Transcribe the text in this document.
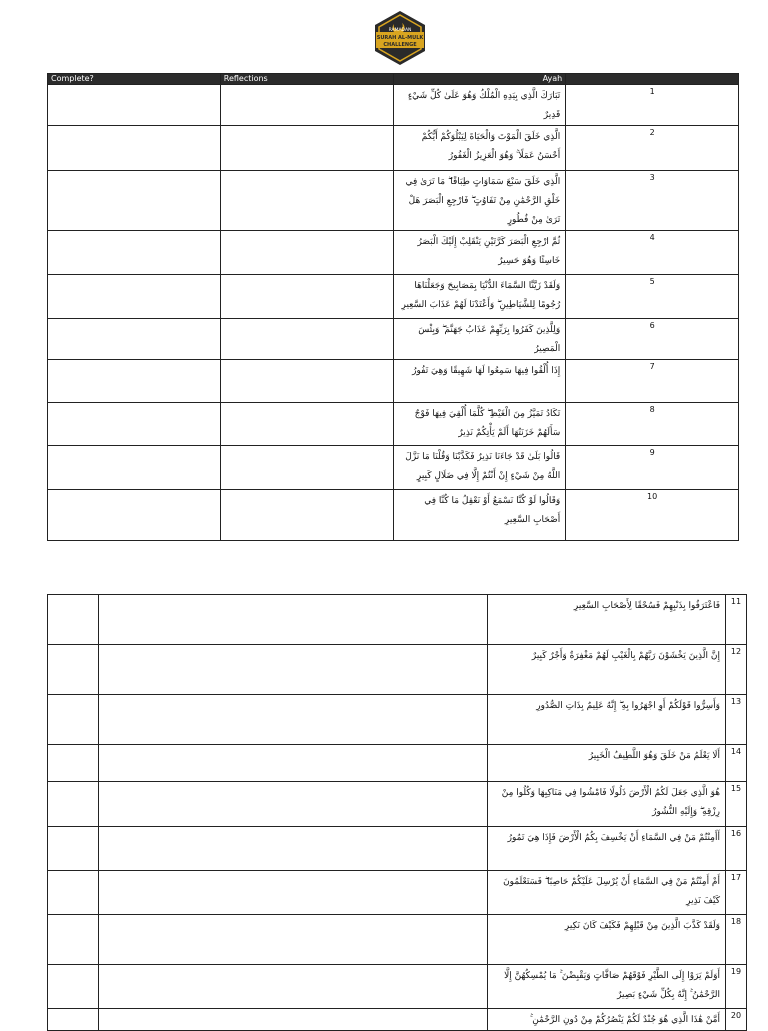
RAMADAN
SURAH AL-MULK
CHALLENGE
Complete?	Reflections	Ayah	
		تَبَارَكَ الَّذِي بِيَدِهِ الْمُلْكُ وَهُوَ عَلَىٰ كُلِّ شَيْءٍ قَدِيرٌ	1
		الَّذِي خَلَقَ الْمَوْتَ وَالْحَيَاةَ لِيَبْلُوَكُمْ أَيُّكُمْ أَحْسَنُ عَمَلًا ۚ وَهُوَ الْعَزِيزُ الْغَفُورُ	2
		الَّذِي خَلَقَ سَبْعَ سَمَاوَاتٍ طِبَاقًا ۖ مَا تَرَىٰ فِي خَلْقِ الرَّحْمَٰنِ مِنْ تَفَاوُتٍ ۖ فَارْجِعِ الْبَصَرَ هَلْ تَرَىٰ مِنْ فُطُورٍ	3
		ثُمَّ ارْجِعِ الْبَصَرَ كَرَّتَيْنِ يَنْقَلِبْ إِلَيْكَ الْبَصَرُ خَاسِئًا وَهُوَ حَسِيرٌ	4
		وَلَقَدْ زَيَّنَّا السَّمَاءَ الدُّنْيَا بِمَصَابِيحَ وَجَعَلْنَاهَا رُجُومًا لِلشَّيَاطِينِ ۖ وَأَعْتَدْنَا لَهُمْ عَذَابَ السَّعِيرِ	5
		وَلِلَّذِينَ كَفَرُوا بِرَبِّهِمْ عَذَابُ جَهَنَّمَ ۖ وَبِئْسَ الْمَصِيرُ	6
		إِذَا أُلْقُوا فِيهَا سَمِعُوا لَهَا شَهِيقًا وَهِيَ تَفُورُ	7
		تَكَادُ تَمَيَّزُ مِنَ الْغَيْظِ ۖ كُلَّمَا أُلْقِيَ فِيهَا فَوْجٌ سَأَلَهُمْ خَزَنَتُهَا أَلَمْ يَأْتِكُمْ نَذِيرٌ	8
		قَالُوا بَلَىٰ قَدْ جَاءَنَا نَذِيرٌ فَكَذَّبْنَا وَقُلْنَا مَا نَزَّلَ اللَّهُ مِنْ شَيْءٍ إِنْ أَنْتُمْ إِلَّا فِي ضَلَالٍ كَبِيرٍ	9
		وَقَالُوا لَوْ كُنَّا نَسْمَعُ أَوْ نَعْقِلُ مَا كُنَّا فِي أَصْحَابِ السَّعِيرِ	10
		فَاعْتَرَفُوا بِذَنْبِهِمْ فَسُحْقًا لِأَصْحَابِ السَّعِيرِ	11
		إِنَّ الَّذِينَ يَخْشَوْنَ رَبَّهُمْ بِالْغَيْبِ لَهُمْ مَغْفِرَةٌ وَأَجْرٌ كَبِيرٌ	12
		وَأَسِرُّوا قَوْلَكُمْ أَوِ اجْهَرُوا بِهِ ۖ إِنَّهُ عَلِيمٌ بِذَاتِ الصُّدُورِ	13
		أَلَا يَعْلَمُ مَنْ خَلَقَ وَهُوَ اللَّطِيفُ الْخَبِيرُ	14
		هُوَ الَّذِي جَعَلَ لَكُمُ الْأَرْضَ ذَلُولًا فَامْشُوا فِي مَنَاكِبِهَا وَكُلُوا مِنْ رِزْقِهِ ۖ وَإِلَيْهِ النُّشُورُ	15
		أَأَمِنْتُمْ مَنْ فِي السَّمَاءِ أَنْ يَخْسِفَ بِكُمُ الْأَرْضَ فَإِذَا هِيَ تَمُورُ	16
		أَمْ أَمِنْتُمْ مَنْ فِي السَّمَاءِ أَنْ يُرْسِلَ عَلَيْكُمْ حَاصِبًا ۖ فَسَتَعْلَمُونَ كَيْفَ نَذِيرِ	17
		وَلَقَدْ كَذَّبَ الَّذِينَ مِنْ قَبْلِهِمْ فَكَيْفَ كَانَ نَكِيرِ	18
		أَوَلَمْ يَرَوْا إِلَى الطَّيْرِ فَوْقَهُمْ صَافَّاتٍ وَيَقْبِضْنَ ۚ مَا يُمْسِكُهُنَّ إِلَّا الرَّحْمَٰنُ ۚ إِنَّهُ بِكُلِّ شَيْءٍ بَصِيرٌ	19
		أَمَّنْ هَٰذَا الَّذِي هُوَ جُنْدٌ لَكُمْ يَنْصُرُكُمْ مِنْ دُونِ الرَّحْمَٰنِ ۚ	20
